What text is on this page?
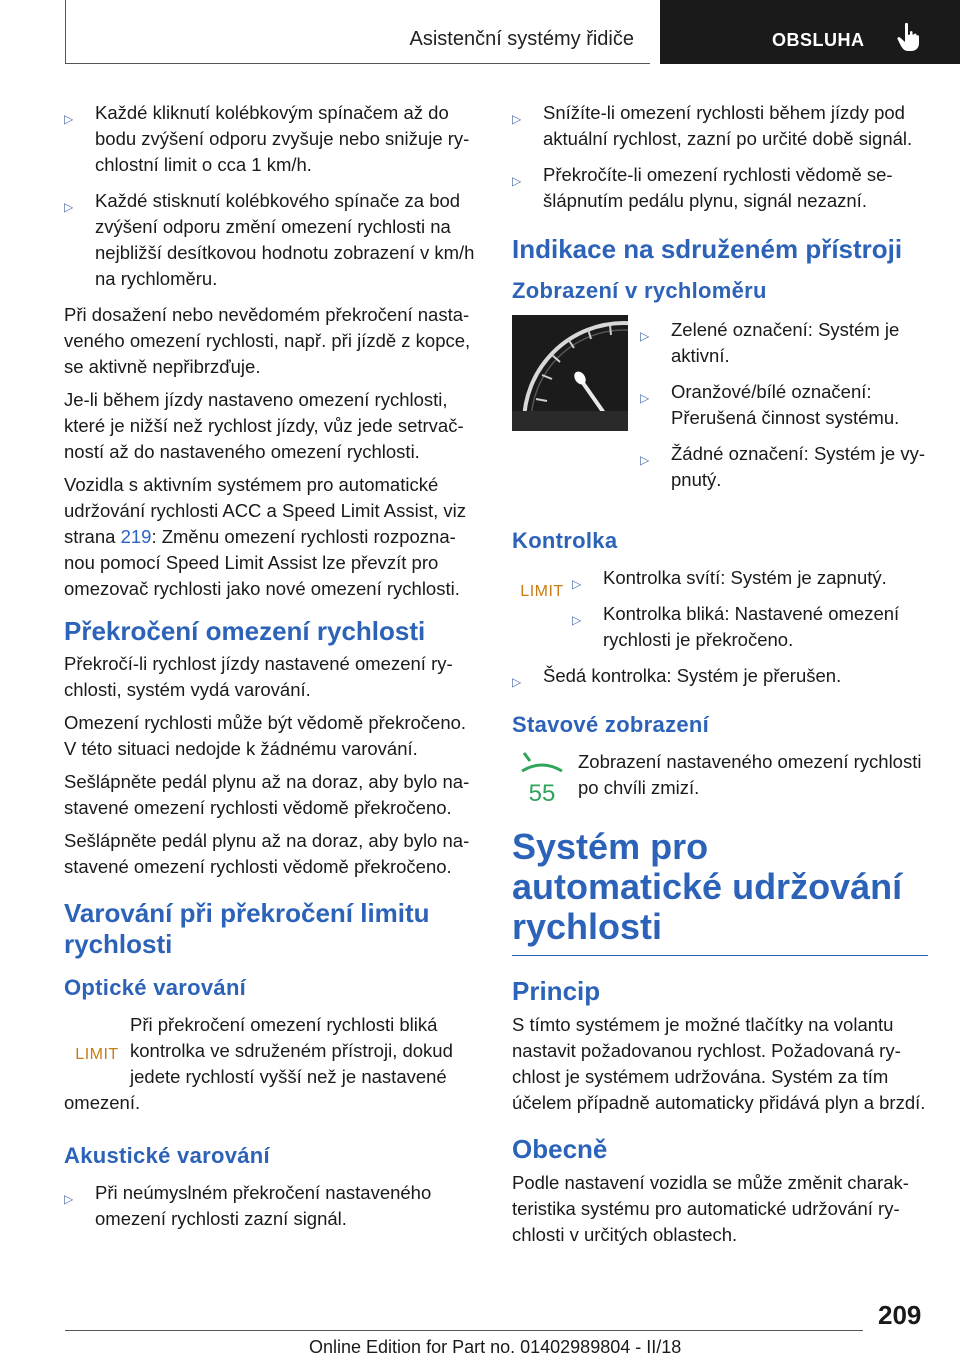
Asistenční systémy řidiče	OBSLUHA
▷ Každé kliknutí kolébkovým spínačem až do bodu zvýšení odporu zvyšuje nebo snižuje rychlostní limit o cca 1 km/h.
▷ Každé stisknutí kolébkového spínače za bod zvýšení odporu změní omezení rychlosti na nejbližší desítkovou hodnotu zobrazení v km/h na rychloměru.

Při dosažení nebo nevědomém překročení nastaveného omezení rychlosti, např. při jízdě z kopce, se aktivně nepřibrzďuje.

Je-li během jízdy nastaveno omezení rychlosti, které je nižší než rychlost jízdy, vůz jede setrvačností až do nastaveného omezení rychlosti.

Vozidla s aktivním systémem pro automatické udržování rychlosti ACC a Speed Limit Assist, viz strana 219: Změnu omezení rychlosti rozpoznanou pomocí Speed Limit Assist lze převzít pro omezovač rychlosti jako nové omezení rychlosti.

Překročení omezení rychlosti

Překročí-li rychlost jízdy nastavené omezení rychlosti, systém vydá varování.

Omezení rychlosti může být vědomě překročeno. V této situaci nedojde k žádnému varování.

Sešlápněte pedál plynu až na doraz, aby bylo nastavené omezení rychlosti vědomě překročeno.

Sešlápněte pedál plynu až na doraz, aby bylo nastavené omezení rychlosti vědomě překročeno.

Varování při překročení limitu rychlosti
Optické varování
LIMIT
Při překročení omezení rychlosti bliká kontrolka ve sdruženém přístroji, dokud jedete rychlostí vyšší než je nastavené

omezení.

Akustické varování
▷ Při neúmyslném překročení nastaveného omezení rychlosti zazní signál.
▷ Snížíte-li omezení rychlosti během jízdy pod aktuální rychlost, zazní po určité době signál.
▷ Překročíte-li omezení rychlosti vědomě sešlápnutím pedálu plynu, signál nezazní.
Indikace na sdruženém přístroji
Zobrazení v rychloměru
▷ Zelené označení: Systém je aktivní.
▷ Oranžové/bílé označení: Přerušená činnost systému.
▷ Žádné označení: Systém je vypnutý.
Kontrolka
LIMIT ▷ Kontrolka svítí: Systém je zapnutý.
▷ Kontrolka bliká: Nastavené omezení rychlosti je překročeno.
▷ Šedá kontrolka: Systém je přerušen.
Stavové zobrazení
55
Zobrazení nastaveného omezení rychlosti po chvíli zmizí.
Systém pro automatické udržování rychlosti
Princip

S tímto systémem je možné tlačítky na volantu nastavit požadovanou rychlost. Požadovaná rychlost je systémem udržována. Systém za tím účelem případně automaticky přidává plyn a brzdí.

Obecně

Podle nastavení vozidla se může změnit charakteristika systému pro automatické udržování rychlosti v určitých oblastech.

209
Online Edition for Part no. 01402989804 - II/18
